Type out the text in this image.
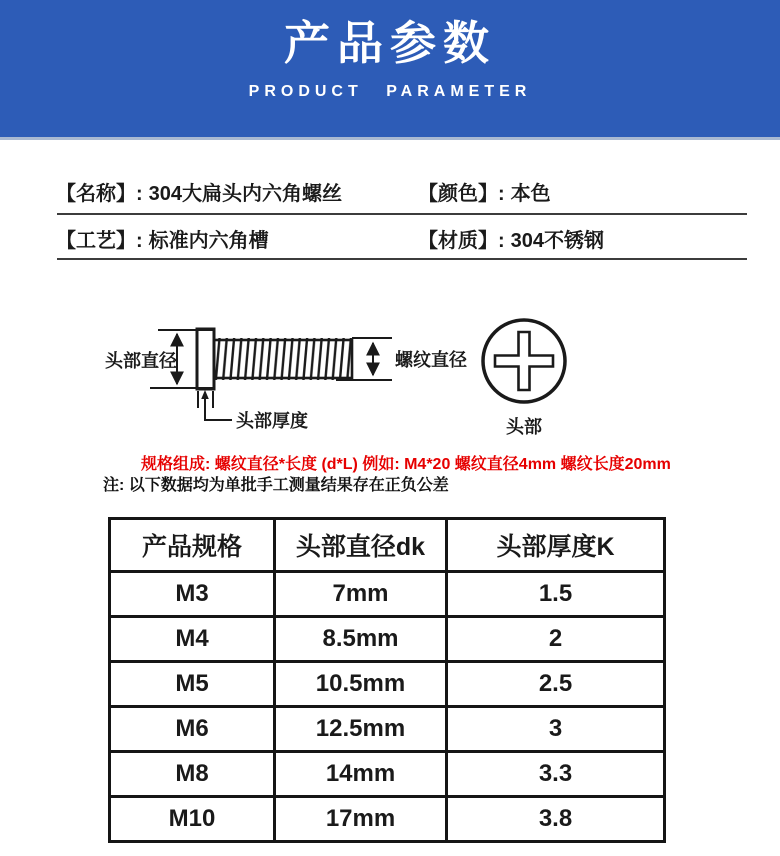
产品参数
PRODUCT PARAMETER
【名称】: 304大扁头内六角螺丝	【颜色】: 本色
【工艺】: 标准内六角槽	【材质】: 304不锈钢
头部直径	螺纹直径
头部厚度	头部
规格组成: 螺纹直径*长度 (d*L) 例如: M4*20 螺纹直径4mm 螺纹长度20mm
注: 以下数据均为单批手工测量结果存在正负公差
产品规格	头部直径dk	头部厚度K
M3	7mm	1.5
M4	8.5mm	2
M5	10.5mm	2.5
M6	12.5mm	3
M8	14mm	3.3
M10	17mm	3.8
